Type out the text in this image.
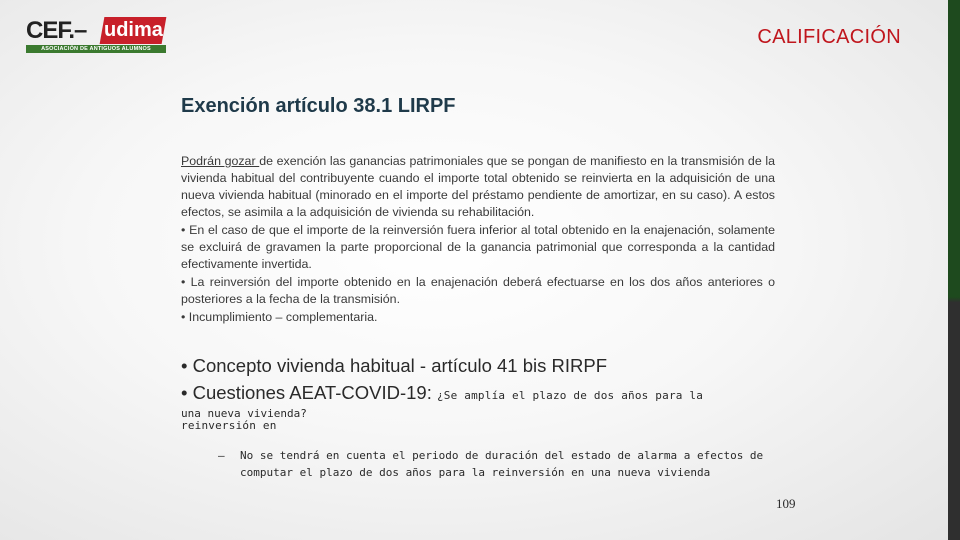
CEF.– udima
ASOCIACIÓN DE ANTIGUOS ALUMNOS
CALIFICACIÓN
Exención artículo 38.1 LIRPF

Podrán gozar de exención las ganancias patrimoniales que se pongan de manifiesto en la transmisión de la vivienda habitual del contribuyente cuando el importe total obtenido se reinvierta en la adquisición de una nueva vivienda habitual (minorado en el importe del préstamo pendiente de amortizar, en su caso). A estos efectos, se asimila a la adquisición de vivienda su rehabilitación.

• En el caso de que el importe de la reinversión fuera inferior al total obtenido en la enajenación, solamente se excluirá de gravamen la parte proporcional de la ganancia patrimonial que corresponda a la cantidad efectivamente invertida.

• La reinversión del importe obtenido en la enajenación deberá efectuarse en los dos años anteriores o posteriores a la fecha de la transmisión.

• Incumplimiento – complementaria.

• Concepto vivienda habitual - artículo 41 bis RIRPF
• Cuestiones AEAT-COVID-19: ¿Se amplía el plazo de dos años para la reinversión en
una nueva vivienda?
– No se tendrá en cuenta el periodo de duración del estado de alarma a efectos de computar el plazo de dos años para la reinversión en una nueva vivienda
109
